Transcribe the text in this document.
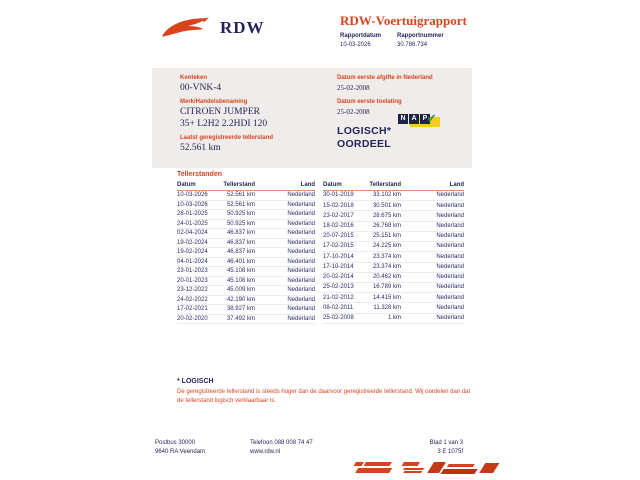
RDW	RDW-Voertuigrapport
Rapportdatum
10-03-2026
Rapportnummer
30.786.734
Kenteken
00-VNK-4
Merk/Handelsbenaming
CITROEN JUMPER
35+ L2H2 2.2HDI 120
Laatst geregistreerde tellerstand
52.561 km
Datum eerste afgifte in Nederland
25-02-2008
Datum eerste toelating
25-02-2008
LOGISCH*
OORDEEL
N A P ✔
Tellerstanden
Datum	Tellerstand	Land
10-03-2026	52.561 km	Nederland
10-03-2026	52.561 km	Nederland
28-01-2025	50.925 km	Nederland
24-01-2025	50.925 km	Nederland
02-04-2024	46.837 km	Nederland
19-02-2024	46.837 km	Nederland
19-02-2024	46.837 km	Nederland
04-01-2024	46.401 km	Nederland
23-01-2023	45.108 km	Nederland
20-01-2023	45.108 km	Nederland
23-12-2022	45.009 km	Nederland
24-02-2022	42.190 km	Nederland
17-02-2021	38.927 km	Nederland
20-02-2020	37.492 km	Nederland
Datum	Tellerstand	Land
30-01-2019	33.102 km	Nederland
15-02-2018	30.501 km	Nederland
23-02-2017	28.675 km	Nederland
18-02-2016	26.768 km	Nederland
20-07-2015	25.151 km	Nederland
17-02-2015	24.225 km	Nederland
17-10-2014	23.374 km	Nederland
17-10-2014	23.374 km	Nederland
20-02-2014	20.462 km	Nederland
25-02-2013	16.789 km	Nederland
21-02-2012	14.415 km	Nederland
08-02-2011	11.328 km	Nederland
25-02-2008	1 km	Nederland
* LOGISCH
De geregistreerde tellerstand is steeds hoger dan de daarvoor geregistreerde tellerstand. Wij oordelen dan dat de tellerstand logisch verklaarbaar is.
Postbus 30000
9640 RA Veendam
Telefoon 088 008 74 47
www.rdw.nl
Blad 1 van 3
3 E 1075f
